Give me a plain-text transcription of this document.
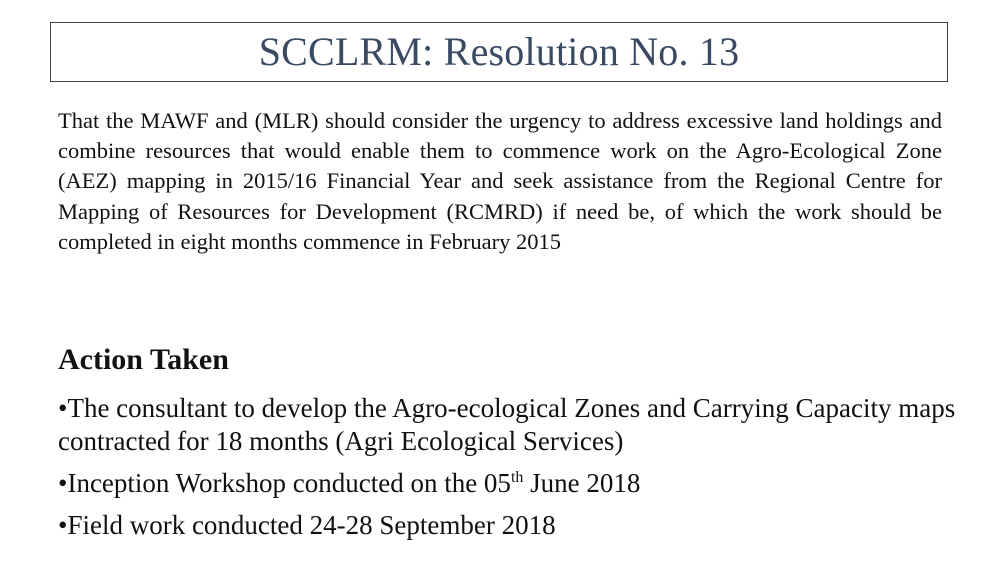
SCCLRM: Resolution No. 13

That the MAWF and (MLR) should consider the urgency to address excessive land holdings and combine resources that would enable them to commence work on the Agro-Ecological Zone (AEZ) mapping in 2015/16 Financial Year and seek assistance from the Regional Centre for Mapping of Resources for Development (RCMRD) if need be, of which the work should be completed in eight months commence in February 2015

Action Taken
•The consultant to develop the Agro-ecological Zones and Carrying Capacity maps contracted for 18 months (Agri Ecological Services)
•Inception Workshop conducted on the 05th June 2018
•Field work conducted 24-28 September 2018
